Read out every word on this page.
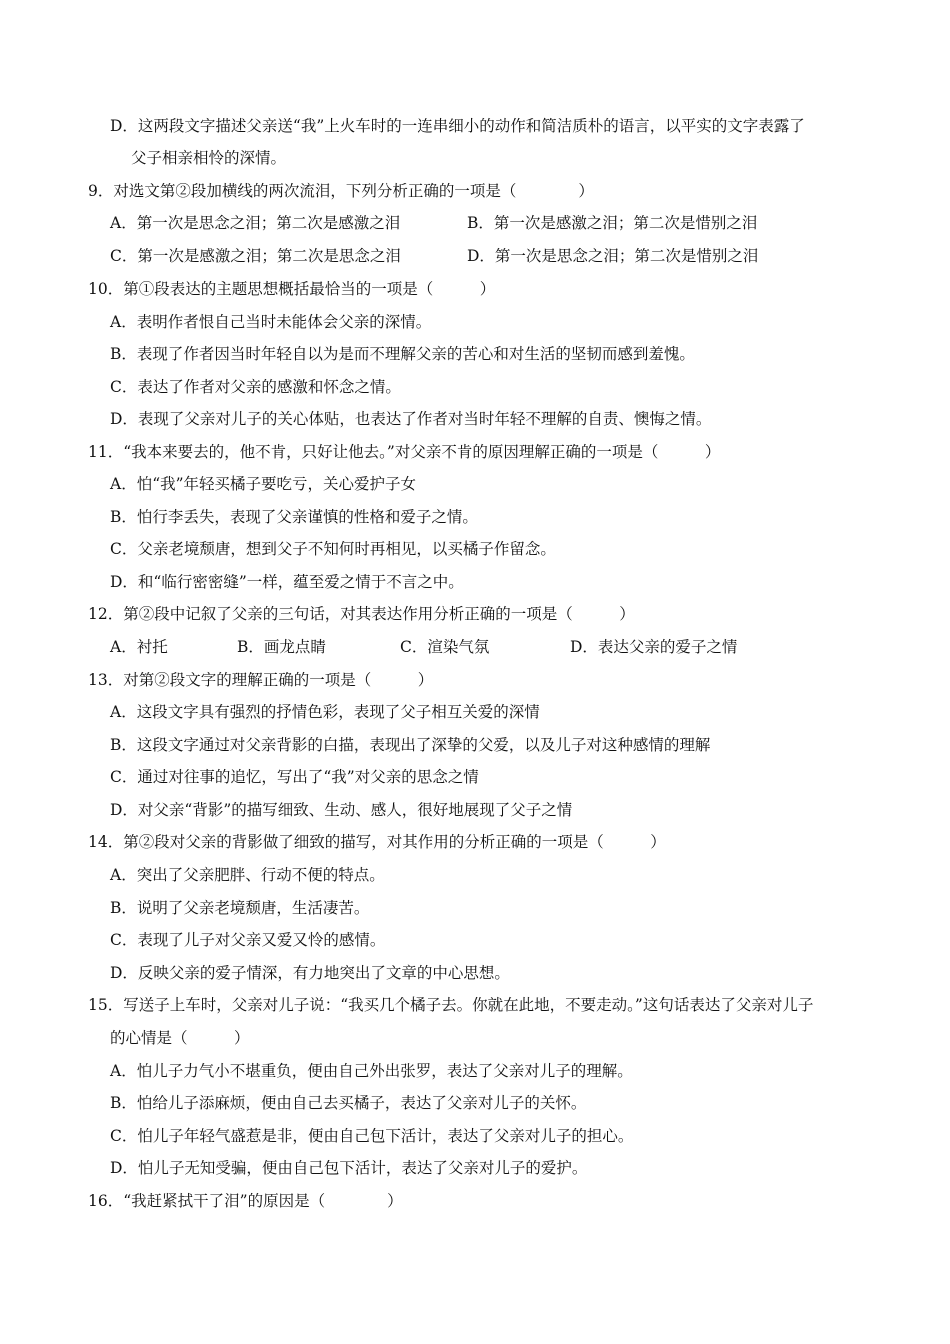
D．这两段文字描述父亲送“我”上火车时的一连串细小的动作和简洁质朴的语言，以平实的文字表露了
父子相亲相怜的深情。
9．对选文第②段加横线的两次流泪，下列分析正确的一项是（　　　　）
A．第一次是思念之泪；第二次是感激之泪	B．第一次是感激之泪；第二次是惜别之泪
C．第一次是感激之泪；第二次是思念之泪	D．第一次是思念之泪；第二次是惜别之泪
10．第①段表达的主题思想概括最恰当的一项是（　　　）
A．表明作者恨自己当时未能体会父亲的深情。
B．表现了作者因当时年轻自以为是而不理解父亲的苦心和对生活的坚韧而感到羞愧。
C．表达了作者对父亲的感激和怀念之情。
D．表现了父亲对儿子的关心体贴，也表达了作者对当时年轻不理解的自责、懊悔之情。
11．“我本来要去的，他不肯，只好让他去。”对父亲不肯的原因理解正确的一项是（　　　）
A．怕“我”年轻买橘子要吃亏，关心爱护子女
B．怕行李丢失，表现了父亲谨慎的性格和爱子之情。
C．父亲老境颓唐，想到父子不知何时再相见，以买橘子作留念。
D．和“临行密密缝”一样，蕴至爱之情于不言之中。
12．第②段中记叙了父亲的三句话，对其表达作用分析正确的一项是（　　　）
A．衬托	B．画龙点睛	C．渲染气氛	D．表达父亲的爱子之情
13．对第②段文字的理解正确的一项是（　　　）
A．这段文字具有强烈的抒情色彩，表现了父子相互关爱的深情
B．这段文字通过对父亲背影的白描，表现出了深挚的父爱，以及儿子对这种感情的理解
C．通过对往事的追忆，写出了“我”对父亲的思念之情
D．对父亲“背影”的描写细致、生动、感人，很好地展现了父子之情
14．第②段对父亲的背影做了细致的描写，对其作用的分析正确的一项是（　　　）
A．突出了父亲肥胖、行动不便的特点。
B．说明了父亲老境颓唐，生活凄苦。
C．表现了儿子对父亲又爱又怜的感情。
D．反映父亲的爱子情深，有力地突出了文章的中心思想。
15．写送子上车时，父亲对儿子说：“我买几个橘子去。你就在此地，不要走动。”这句话表达了父亲对儿子
的心情是（　　　）
A．怕儿子力气小不堪重负，便由自己外出张罗，表达了父亲对儿子的理解。
B．怕给儿子添麻烦，便由自己去买橘子，表达了父亲对儿子的关怀。
C．怕儿子年轻气盛惹是非，便由自己包下活计，表达了父亲对儿子的担心。
D．怕儿子无知受骗，便由自己包下活计，表达了父亲对儿子的爱护。
16．“我赶紧拭干了泪”的原因是（　　　　）
